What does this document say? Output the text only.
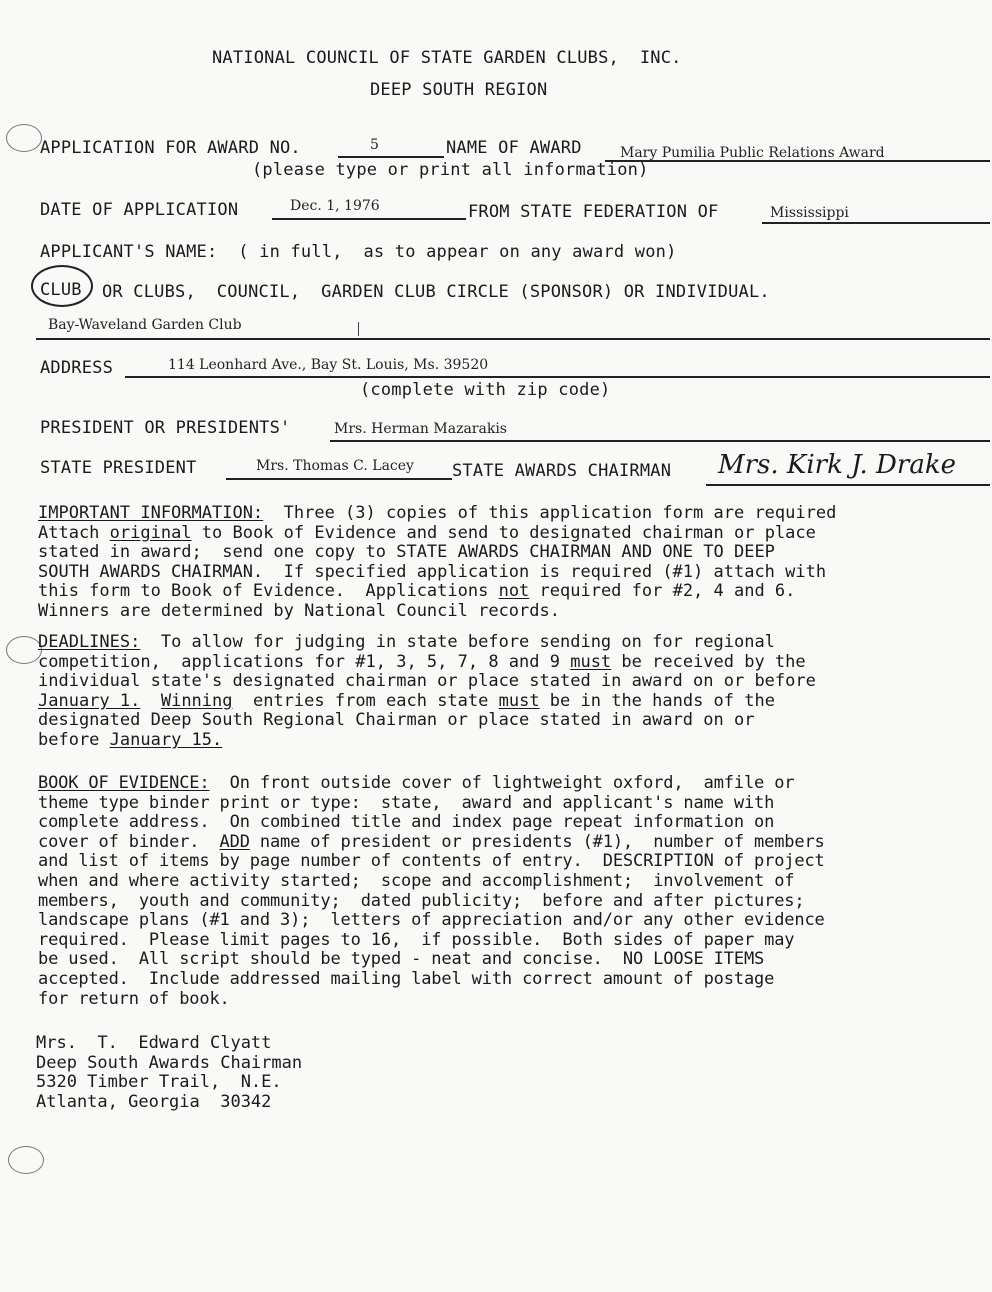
NATIONAL COUNCIL OF STATE GARDEN CLUBS,  INC.
DEEP SOUTH REGION
APPLICATION FOR AWARD NO.	5	NAME OF AWARD	Mary Pumilia Public Relations Award
(please type or print all information)
DATE OF APPLICATION	Dec. 1, 1976	FROM STATE FEDERATION OF	Mississippi
APPLICANT'S NAME:  ( in full,  as to appear on any award won)
CLUB OR CLUBS,  COUNCIL,  GARDEN CLUB CIRCLE (SPONSOR) OR INDIVIDUAL.
Bay-Waveland Garden Club
ADDRESS	114 Leonhard Ave., Bay St. Louis, Ms. 39520
(complete with zip code)
PRESIDENT OR PRESIDENTS'	Mrs. Herman Mazarakis
STATE PRESIDENT	Mrs. Thomas C. Lacey STATE AWARDS CHAIRMAN Mrs. Kirk J. Drake
IMPORTANT INFORMATION:  Three (3) copies of this application form are required
Attach original to Book of Evidence and send to designated chairman or place
stated in award;  send one copy to STATE AWARDS CHAIRMAN AND ONE TO DEEP
SOUTH AWARDS CHAIRMAN.  If specified application is required (#1) attach with
this form to Book of Evidence.  Applications not required for #2, 4 and 6.
Winners are determined by National Council records.
DEADLINES:  To allow for judging in state before sending on for regional
competition,  applications for #1, 3, 5, 7, 8 and 9 must be received by the
individual state's designated chairman or place stated in award on or before
January 1. Winning  entries from each state must be in the hands of the
designated Deep South Regional Chairman or place stated in award on or
before January 15.
BOOK OF EVIDENCE:  On front outside cover of lightweight oxford,  amfile or
theme type binder print or type:  state,  award and applicant's name with
complete address.  On combined title and index page repeat information on
cover of binder.  ADD name of president or presidents (#1),  number of members
and list of items by page number of contents of entry.  DESCRIPTION of project
when and where activity started;  scope and accomplishment;  involvement of
members,  youth and community;  dated publicity;  before and after pictures;
landscape plans (#1 and 3);  letters of appreciation and/or any other evidence
required.  Please limit pages to 16,  if possible.  Both sides of paper may
be used.  All script should be typed - neat and concise.  NO LOOSE ITEMS
accepted.  Include addressed mailing label with correct amount of postage
for return of book.
Mrs.  T.  Edward Clyatt
Deep South Awards Chairman
5320 Timber Trail,  N.E.
Atlanta, Georgia  30342
